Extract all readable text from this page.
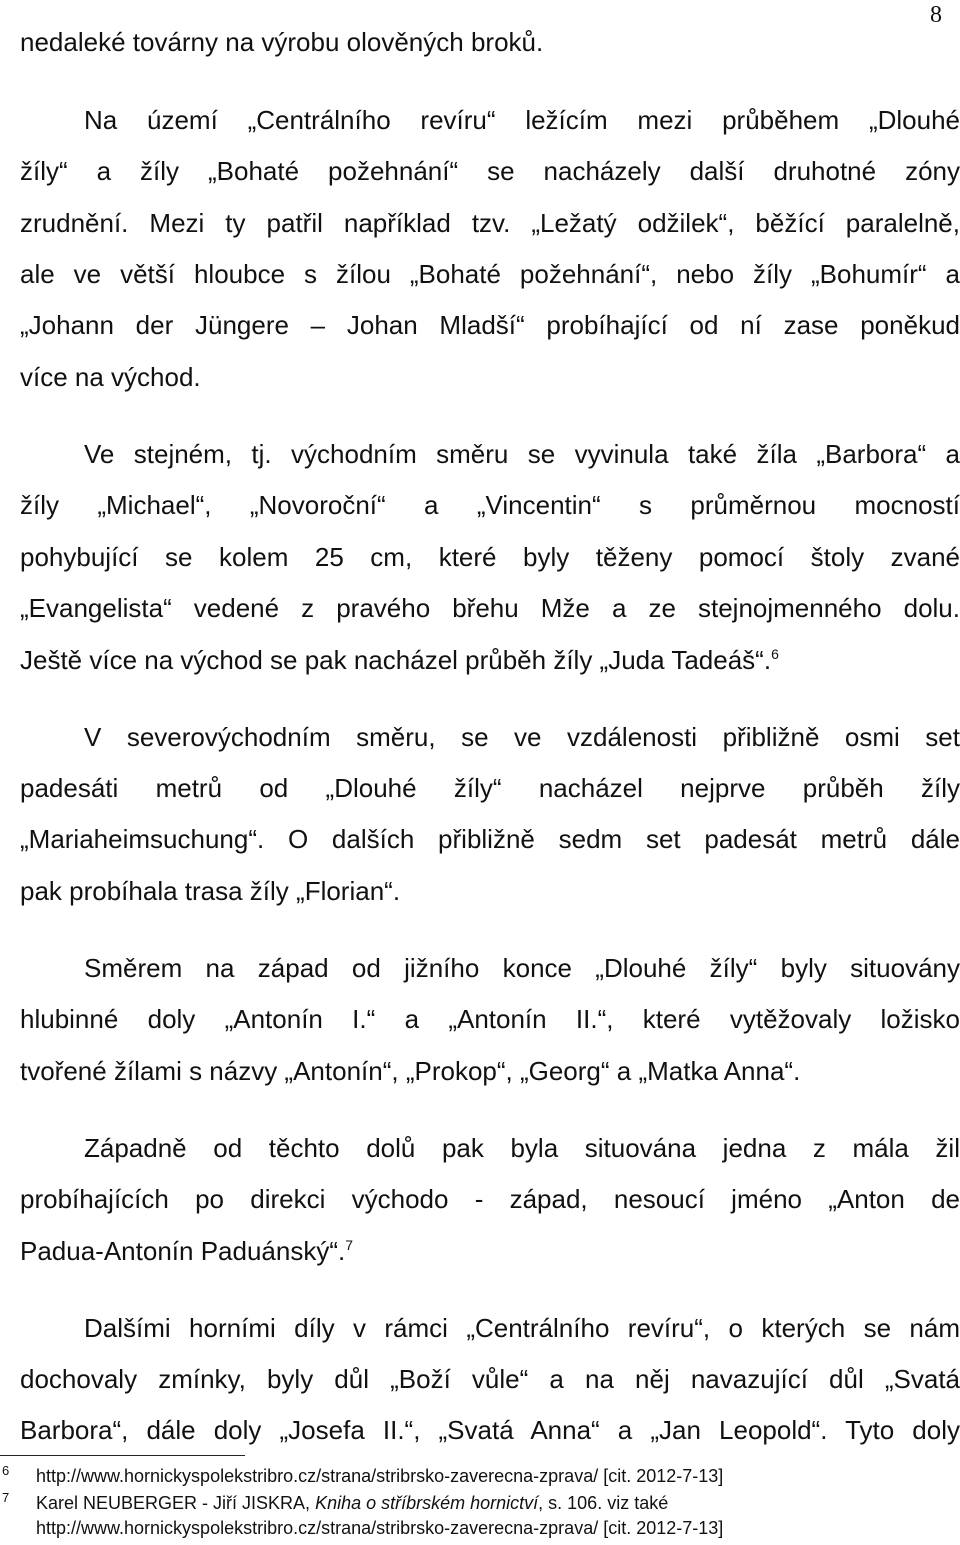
8
nedaleké továrny na výrobu olověných broků.
Na území „Centrálního revíru“ ležícím mezi průběhem „Dlouhé
žíly“ a žíly „Bohaté požehnání“ se nacházely další druhotné zóny
zrudnění. Mezi ty patřil například tzv. „Ležatý odžilek“, běžící paralelně,
ale ve větší hloubce s žílou „Bohaté požehnání“, nebo žíly „Bohumír“ a
„Johann der Jüngere – Johan Mladší“ probíhající od ní zase poněkud
více na východ.
Ve stejném, tj. východním směru se vyvinula také žíla „Barbora“ a
žíly „Michael“, „Novoroční“ a „Vincentin“ s průměrnou mocností
pohybující se kolem 25 cm, které byly těženy pomocí štoly zvané
„Evangelista“ vedené z pravého břehu Mže a ze stejnojmenného dolu.
Ještě více na východ se pak nacházel průběh žíly „Juda Tadeáš“.$^6$
V severovýchodním směru, se ve vzdálenosti přibližně osmi set
padesáti metrů od „Dlouhé žíly“ nacházel nejprve průběh žíly
„Mariaheimsuchung“. O dalších přibližně sedm set padesát metrů dále
pak probíhala trasa žíly „Florian“.
Směrem na západ od jižního konce „Dlouhé žíly“ byly situovány
hlubinné doly „Antonín I.“ a „Antonín II.“, které vytěžovaly ložisko
tvořené žílami s názvy „Antonín“, „Prokop“, „Georg“ a „Matka Anna“.
Západně od těchto dolů pak byla situována jedna z mála žil
probíhajících po direkci východo - západ, nesoucí jméno „Anton de
Padua-Antonín Paduánský“.$^7$
Dalšími horními díly v rámci „Centrálního revíru“, o kterých se nám
dochovaly zmínky, byly důl „Boží vůle“ a na něj navazující důl „Svatá
Barbora“, dále doly „Josefa II.“, „Svatá Anna“ a „Jan Leopold“. Tyto doly
6 http://www.hornickyspolekstribro.cz/strana/stribrsko-zaverecna-zprava/ [cit. 2012-7-13]
7 Karel NEUBERGER - Jiří JISKRA, Kniha o stříbrském hornictví, s. 106. viz také
http://www.hornickyspolekstribro.cz/strana/stribrsko-zaverecna-zprava/ [cit. 2012-7-13]
